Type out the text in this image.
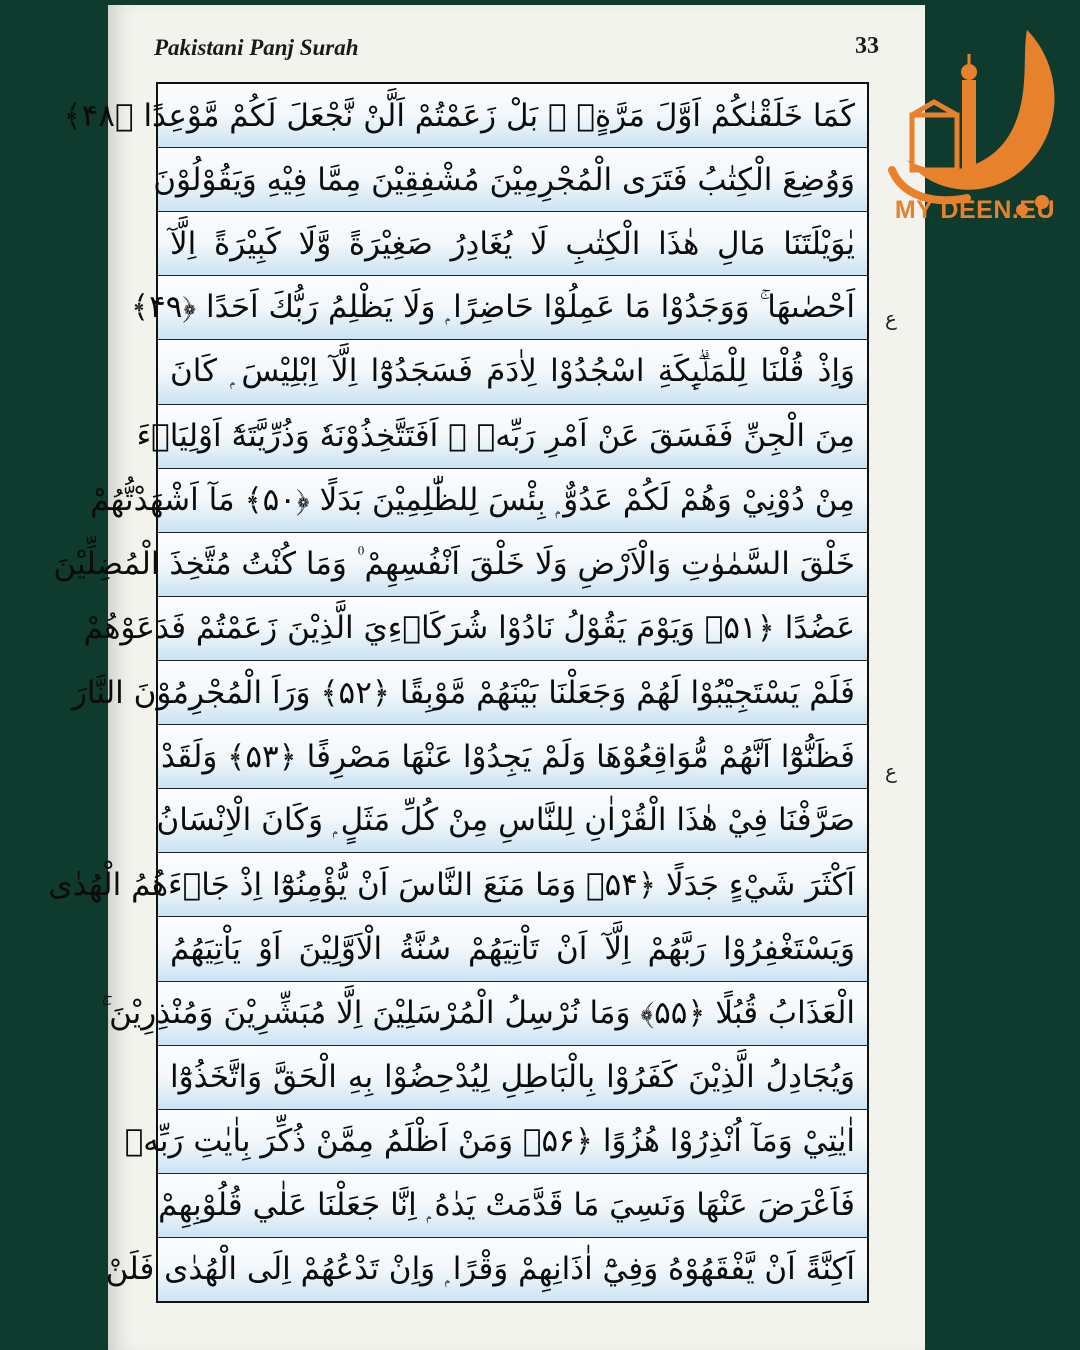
Pakistani Panj Surah	33
كَمَا خَلَقْنٰكُمْ اَوَّلَ مَرَّةٍۢ ۫ بَلْ زَعَمْتُمْ اَلَّنْ نَّجْعَلَ لَكُمْ مَّوْعِدًا ﴿۴۸﴾
وَوُضِعَ الْكِتٰبُ فَتَرَى الْمُجْرِمِيْنَ مُشْفِقِيْنَ مِمَّا فِيْهِ وَيَقُوْلُوْنَ
يٰوَيْلَتَنَا مَالِ هٰذَا الْكِتٰبِ لَا يُغَادِرُ صَغِيْرَةً وَّلَا كَبِيْرَةً اِلَّآ
اَحْصٰىهَا ۚ وَوَجَدُوْا مَا عَمِلُوْا حَاضِرًا ۭ وَلَا يَظْلِمُ رَبُّكَ اَحَدًا ﴿۴۹﴾
وَاِذْ قُلْنَا لِلْمَلٰۗىِٕكَةِ اسْجُدُوْا لِاٰدَمَ فَسَجَدُوْٓا اِلَّآ اِبْلِيْسَ ۭ كَانَ
مِنَ الْجِنِّ فَفَسَقَ عَنْ اَمْرِ رَبِّهٖ ۭ اَفَتَتَّخِذُوْنَهٗ وَذُرِّيَّتَهٗٓ اَوْلِيَاۗءَ
مِنْ دُوْنِيْ وَهُمْ لَكُمْ عَدُوٌّ ۭ بِئْسَ لِلظّٰلِمِيْنَ بَدَلًا ﴿۵۰﴾ مَآ اَشْهَدْتُّهُمْ
خَلْقَ السَّمٰوٰتِ وَالْاَرْضِ وَلَا خَلْقَ اَنْفُسِهِمْ ۠ وَمَا كُنْتُ مُتَّخِذَ الْمُضِلِّيْنَ
عَضُدًا ﴿۵۱﴾ وَيَوْمَ يَقُوْلُ نَادُوْا شُرَكَاۗءِيَ الَّذِيْنَ زَعَمْتُمْ فَدَعَوْهُمْ
فَلَمْ يَسْتَجِيْبُوْا لَهُمْ وَجَعَلْنَا بَيْنَهُمْ مَّوْبِقًا ﴿۵۲﴾ وَرَاَ الْمُجْرِمُوْنَ النَّارَ
فَظَنُّوْٓا اَنَّهُمْ مُّوَاقِعُوْهَا وَلَمْ يَجِدُوْا عَنْهَا مَصْرِفًا ﴿۵۳﴾ وَلَقَدْ
صَرَّفْنَا فِيْ هٰذَا الْقُرْاٰنِ لِلنَّاسِ مِنْ كُلِّ مَثَلٍ ۭ وَكَانَ الْاِنْسَانُ
اَكْثَرَ شَيْءٍ جَدَلًا ﴿۵۴﴾ وَمَا مَنَعَ النَّاسَ اَنْ يُّؤْمِنُوْٓا اِذْ جَاۗءَهُمُ الْهُدٰى
وَيَسْتَغْفِرُوْا رَبَّهُمْ اِلَّآ اَنْ تَاْتِيَهُمْ سُنَّةُ الْاَوَّلِيْنَ اَوْ يَاْتِيَهُمُ
الْعَذَابُ قُبُلًا ﴿۵۵﴾ وَمَا نُرْسِلُ الْمُرْسَلِيْنَ اِلَّا مُبَشِّرِيْنَ وَمُنْذِرِيْنَ ۚ
وَيُجَادِلُ الَّذِيْنَ كَفَرُوْا بِالْبَاطِلِ لِيُدْحِضُوْا بِهِ الْحَقَّ وَاتَّخَذُوْٓا
اٰيٰتِيْ وَمَآ اُنْذِرُوْا هُزُوًا ﴿۵۶﴾ وَمَنْ اَظْلَمُ مِمَّنْ ذُكِّرَ بِاٰيٰتِ رَبِّهٖ
فَاَعْرَضَ عَنْهَا وَنَسِيَ مَا قَدَّمَتْ يَدٰهُ ۭ اِنَّا جَعَلْنَا عَلٰي قُلُوْبِهِمْ
اَكِنَّةً اَنْ يَّفْقَهُوْهُ وَفِيْٓ اٰذَانِهِمْ وَقْرًا ۭ وَاِنْ تَدْعُهُمْ اِلَى الْهُدٰى فَلَنْ
ع
ع
MY DEEN.EU
